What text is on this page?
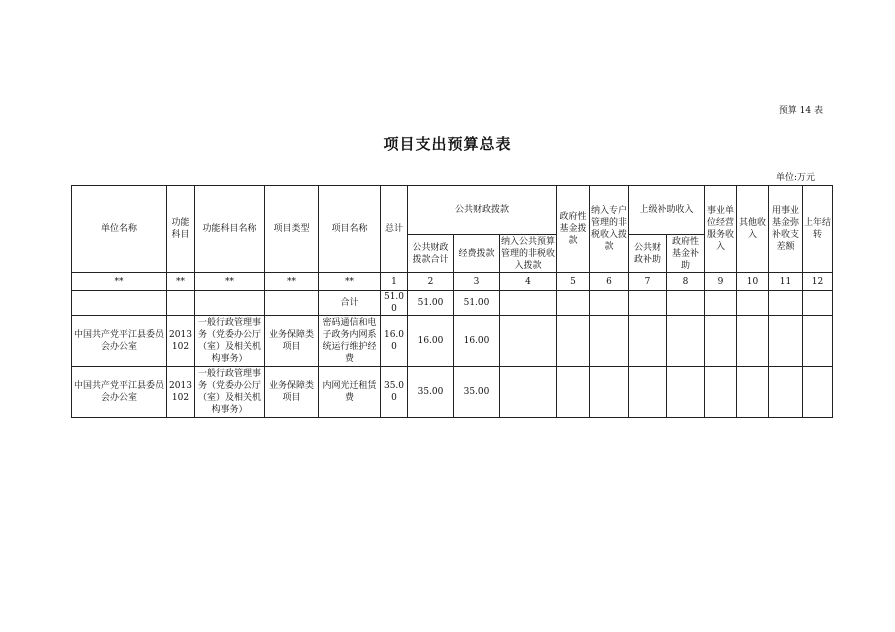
预算 14 表
项目支出预算总表
单位:万元
单位名称	功能科目	功能科目名称	项目类型	项目名称	总计	公共财政拨款			政府性基金拨款	纳入专户管理的非税收入拨款	上级补助收入		事业单位经营服务收入	其他收入	用事业基金弥补收支差额	上年结转
						公共财政拨款合计	经费拨款	纳入公共预算管理的非税收入拨款			公共财政补助	政府性基金补助				
**	**	**	**	**	1	2	3	4	5	6	7	8	9	10	11	12
				合计	51.00	51.00	51.00									
中国共产党平江县委员会办公室	2013102	一般行政管理事务（党委办公厅（室）及相关机构事务）	业务保障类项目	密码通信和电子政务内网系统运行维护经费	16.00	16.00	16.00									
中国共产党平江县委员会办公室	2013102	一般行政管理事务（党委办公厅（室）及相关机构事务）	业务保障类项目	内网光迁租赁费	35.00	35.00	35.00									
